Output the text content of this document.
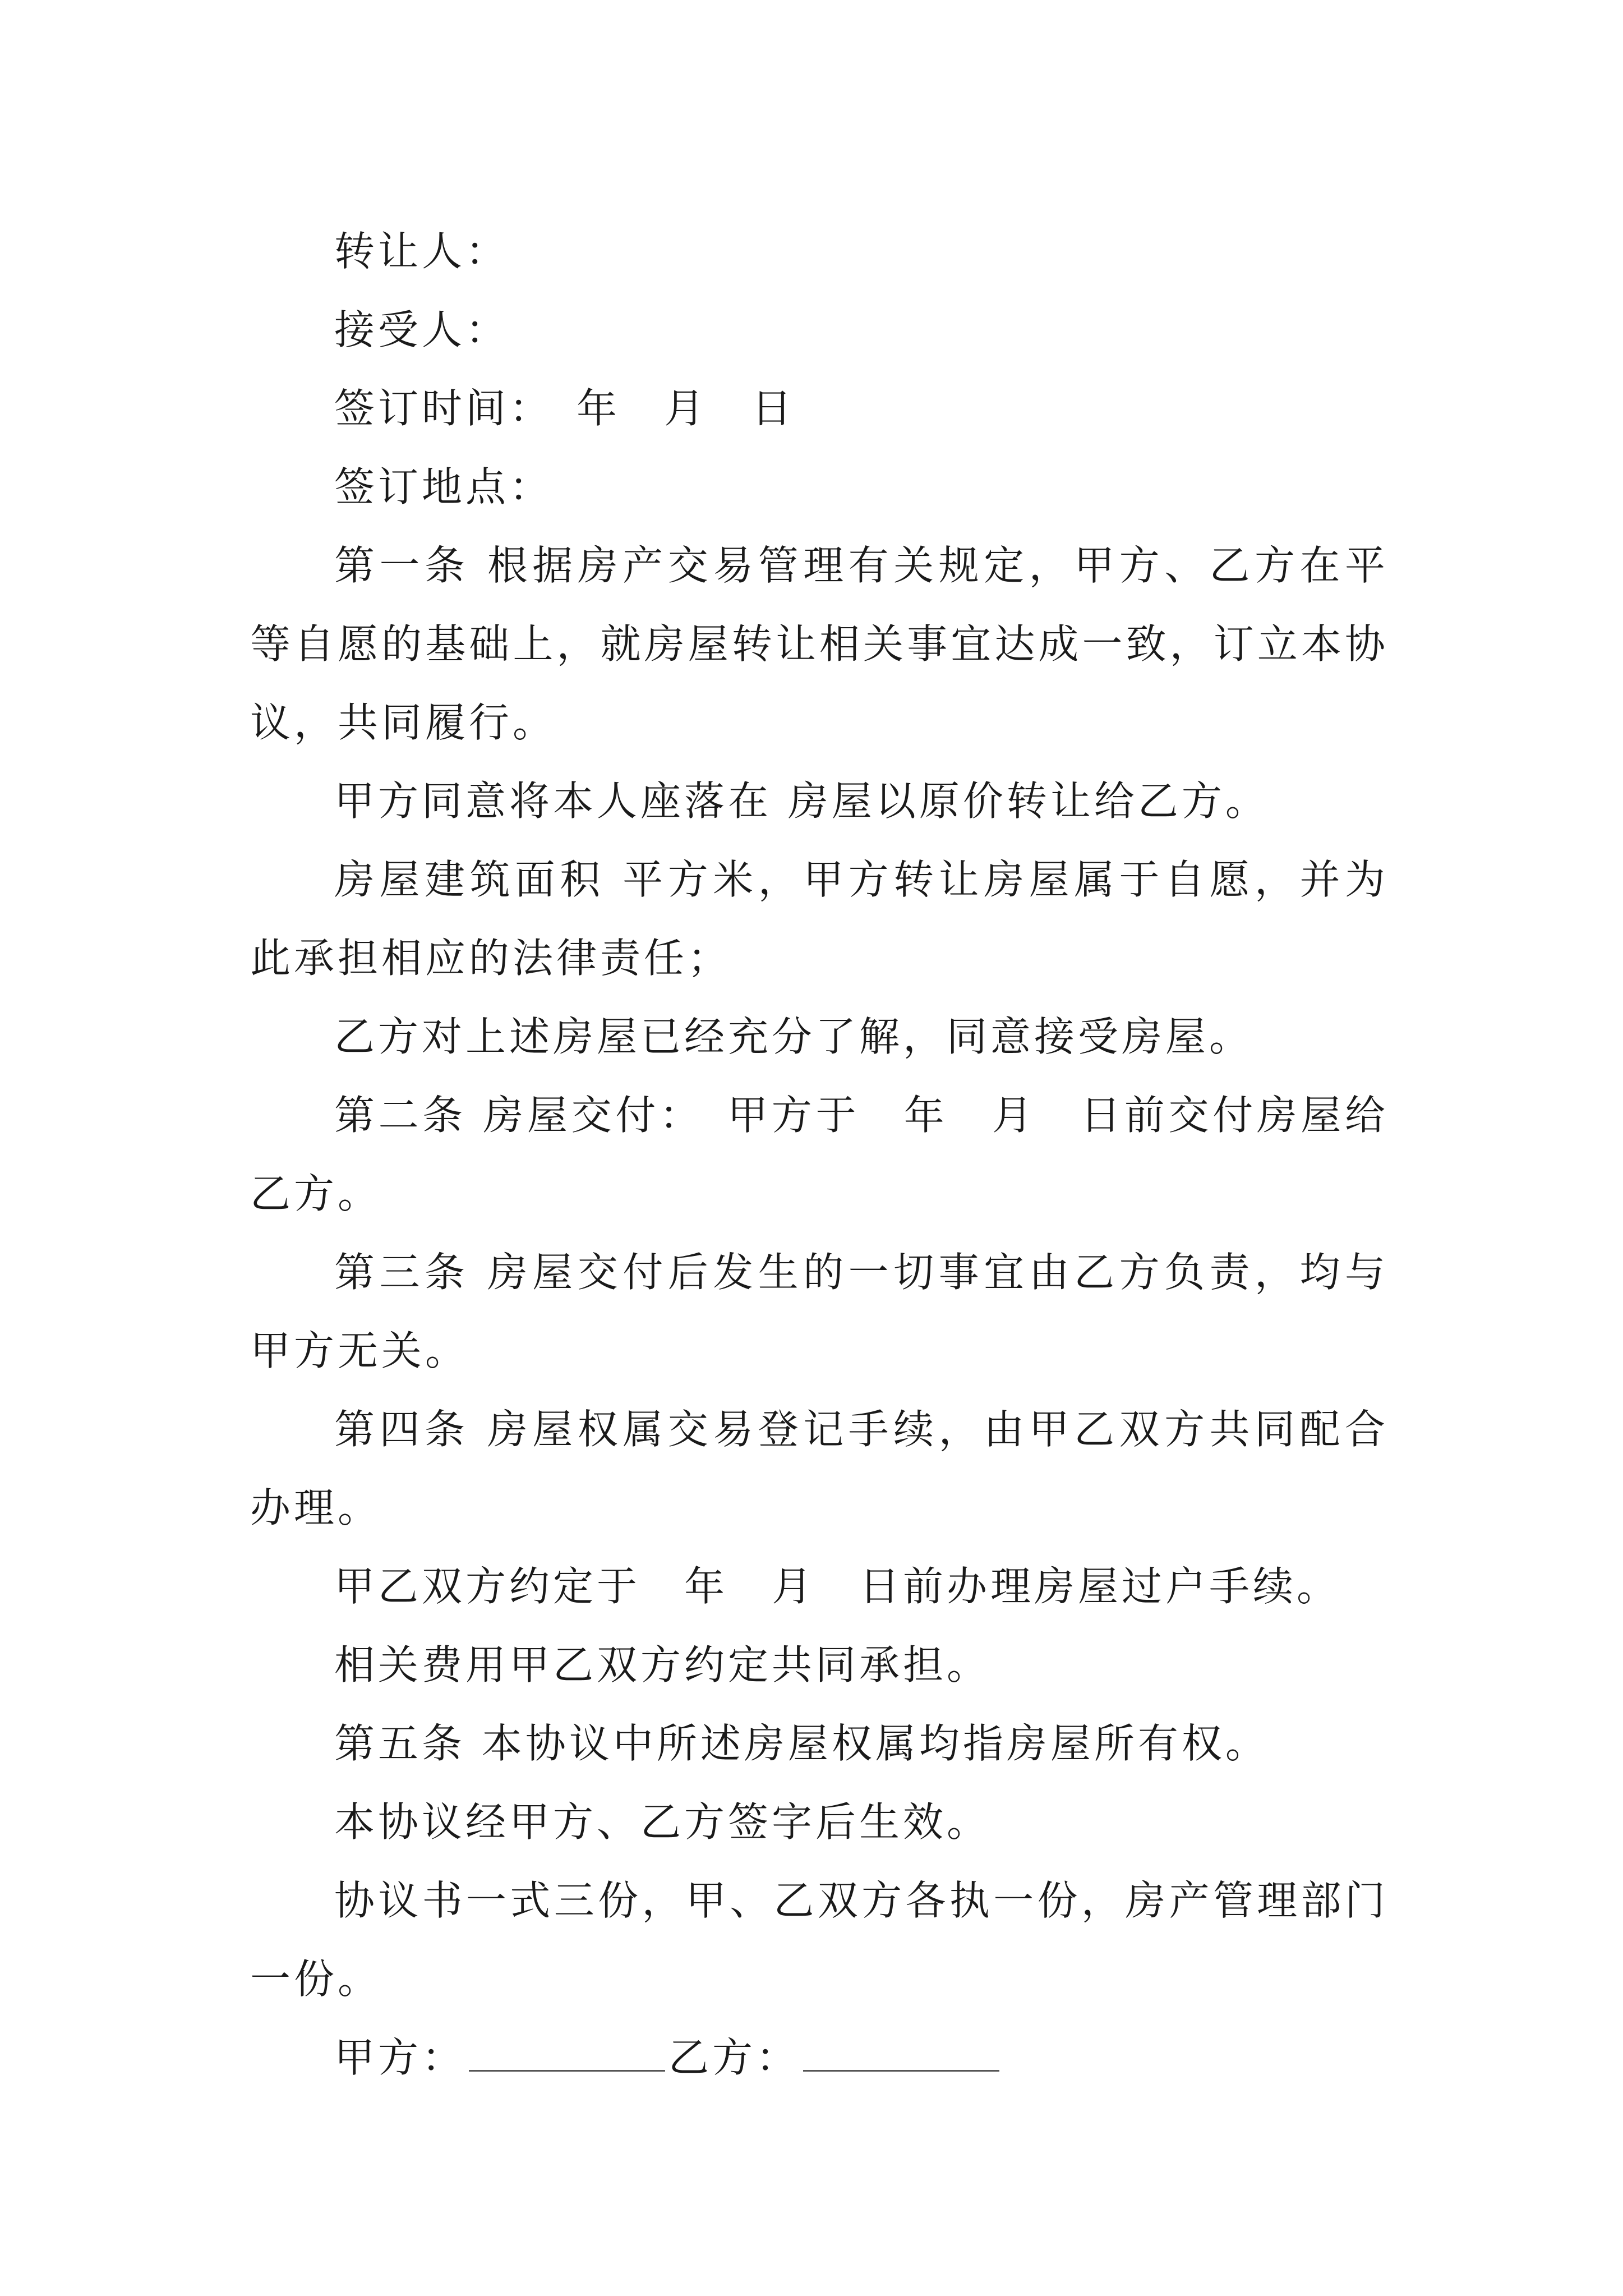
转让人：

接受人：

签订时间：　年　月　日

签订地点：

第一条 根据房产交易管理有关规定，甲方、乙方在平等自愿的基础上，就房屋转让相关事宜达成一致，订立本协议，共同履行。

甲方同意将本人座落在 房屋以原价转让给乙方。

房屋建筑面积 平方米，甲方转让房屋属于自愿，并为此承担相应的法律责任；

乙方对上述房屋已经充分了解，同意接受房屋。

第二条 房屋交付：　甲方于　年　月　日前交付房屋给乙方。

第三条 房屋交付后发生的一切事宜由乙方负责，均与甲方无关。

第四条 房屋权属交易登记手续，由甲乙双方共同配合办理。

甲乙双方约定于　年　月　日前办理房屋过户手续。

相关费用甲乙双方约定共同承担。

第五条 本协议中所述房屋权属均指房屋所有权。

本协议经甲方、乙方签字后生效。

协议书一式三份，甲、乙双方各执一份，房产管理部门一份。

甲方：	乙方：
